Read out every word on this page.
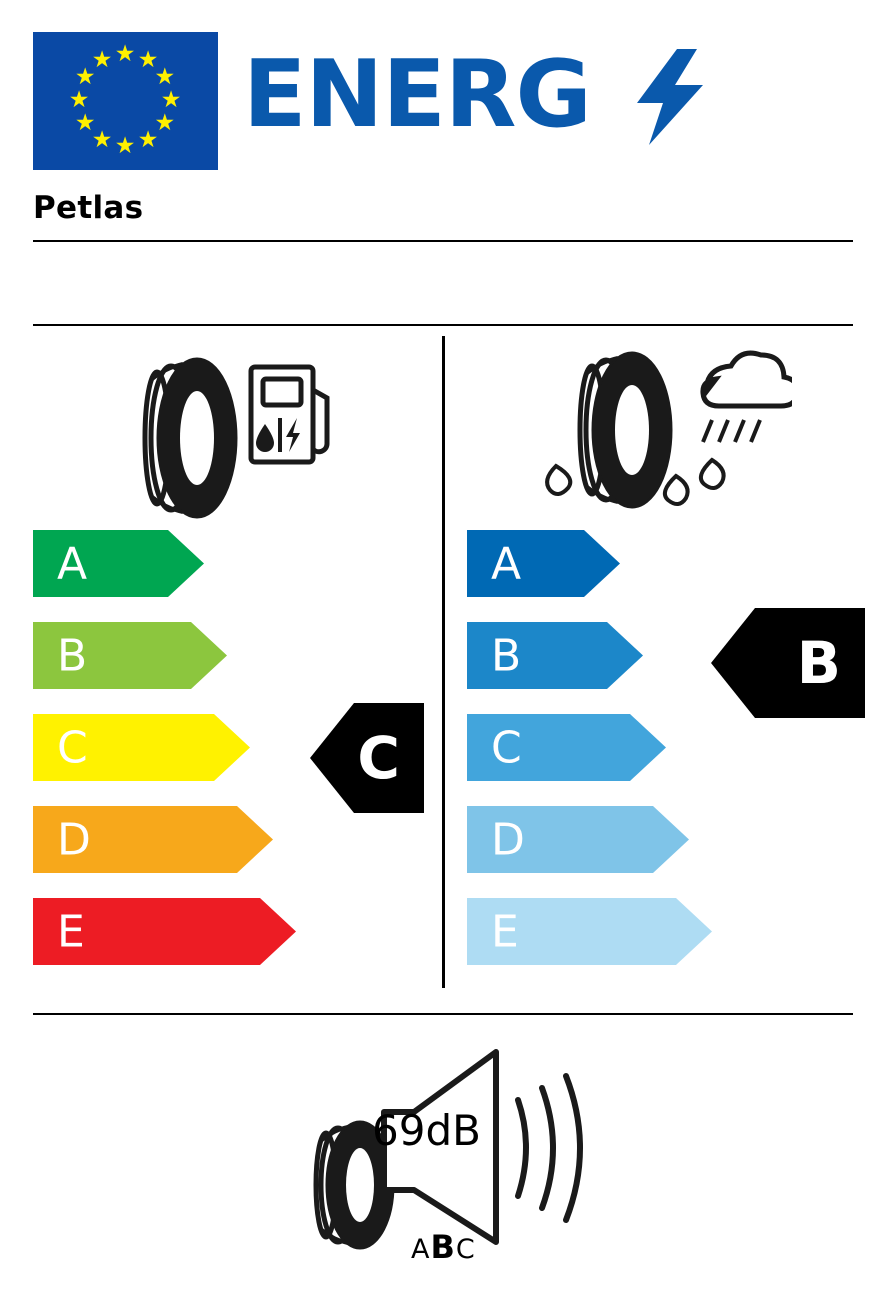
★ ★
★
★
★
★
★
★
★
★
★
★ ENERG
Petlas
A
B
C
D
E
C
A
B
C
D
E
B
69dB
ABC
